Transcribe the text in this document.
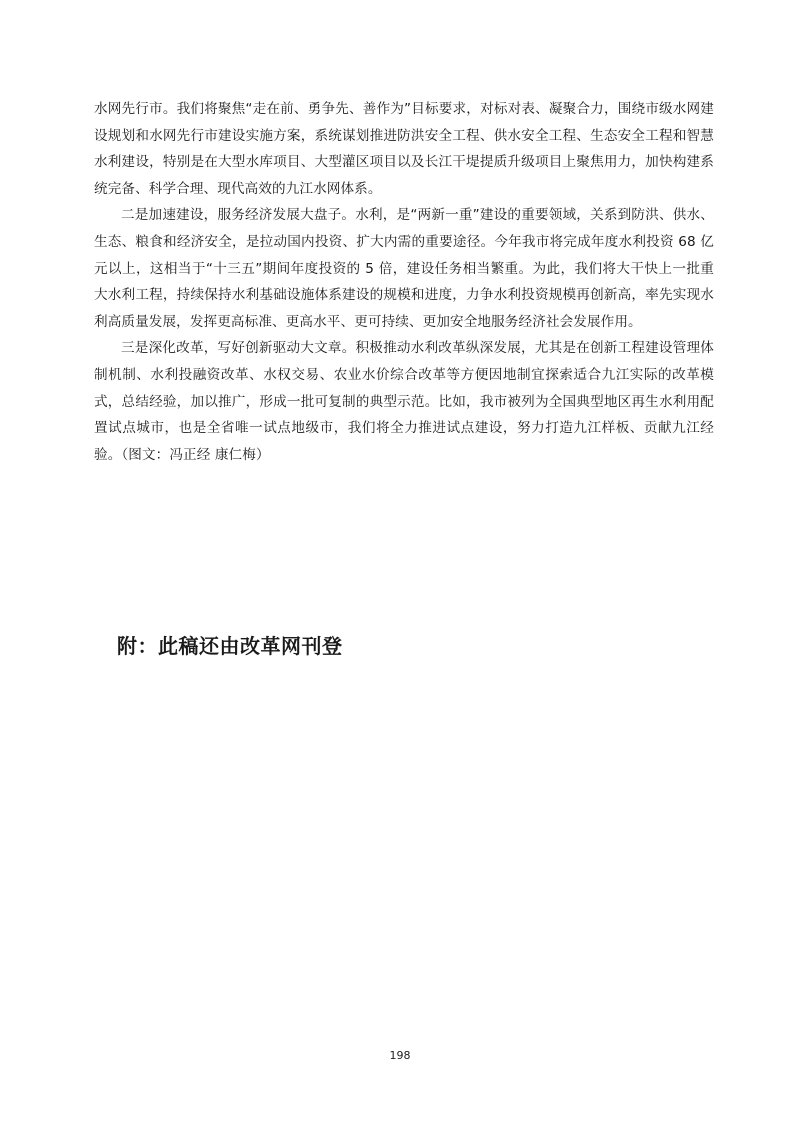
水网先行市。我们将聚焦“走在前、勇争先、善作为”目标要求，对标对表、凝聚合力，围绕市级水网建设规划和水网先行市建设实施方案，系统谋划推进防洪安全工程、供水安全工程、生态安全工程和智慧水利建设，特别是在大型水库项目、大型灌区项目以及长江干堤提质升级项目上聚焦用力，加快构建系统完备、科学合理、现代高效的九江水网体系。

二是加速建设，服务经济发展大盘子。水利，是“两新一重”建设的重要领域，关系到防洪、供水、生态、粮食和经济安全，是拉动国内投资、扩大内需的重要途径。今年我市将完成年度水利投资 68 亿元以上，这相当于“十三五”期间年度投资的 5 倍，建设任务相当繁重。为此，我们将大干快上一批重大水利工程，持续保持水利基础设施体系建设的规模和进度，力争水利投资规模再创新高，率先实现水利高质量发展，发挥更高标准、更高水平、更可持续、更加安全地服务经济社会发展作用。

三是深化改革，写好创新驱动大文章。积极推动水利改革纵深发展，尤其是在创新工程建设管理体制机制、水利投融资改革、水权交易、农业水价综合改革等方便因地制宜探索适合九江实际的改革模式，总结经验，加以推广，形成一批可复制的典型示范。比如，我市被列为全国典型地区再生水利用配置试点城市，也是全省唯一试点地级市，我们将全力推进试点建设，努力打造九江样板、贡献九江经验。（图文：冯正经 康仁梅）

附：此稿还由改革网刊登
198
